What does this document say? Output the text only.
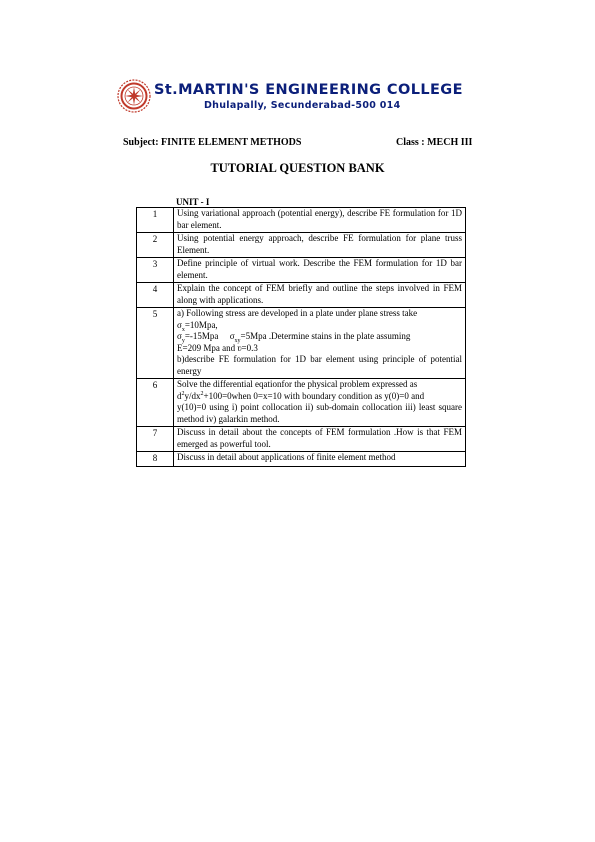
St.MARTIN'S ENGINEERING COLLEGE
Dhulapally, Secunderabad-500 014
Subject: FINITE ELEMENT METHODS	Class : MECH III
TUTORIAL QUESTION BANK
UNIT - I
1	Using variational approach (potential energy), describe FE formulation for 1D bar element.
2	Using potential energy approach, describe FE formulation for plane truss Element.
3	Define principle of virtual work. Describe the FEM formulation for 1D bar element.
4	Explain the concept of FEM briefly and outline the steps involved in FEM along with applications.
5	a) Following stress are developed in a plate under plane stress take
$\sigma_x=10Mpa$,
$\sigma_y=-15Mpa$     $\sigma_{xy}=5Mpa$ .Determine stains in the plate assuming
E=209 Mpa and ʋ=0.3
b)describe FE formulation for 1D bar element using principle of potential energy

6	Solve the differential eqationfor the physical problem expressed as
$d^2y/dx^2+100=0when$ 0=x=10 with boundary condition as y(0)=0 and
y(10)=0 using i) point collocation ii) sub-domain collocation iii) least square method iv) galarkin method.

7	Discuss in detail about the concepts of FEM formulation .How is that FEM emerged as powerful tool.
8	Discuss in detail about applications of finite element method
